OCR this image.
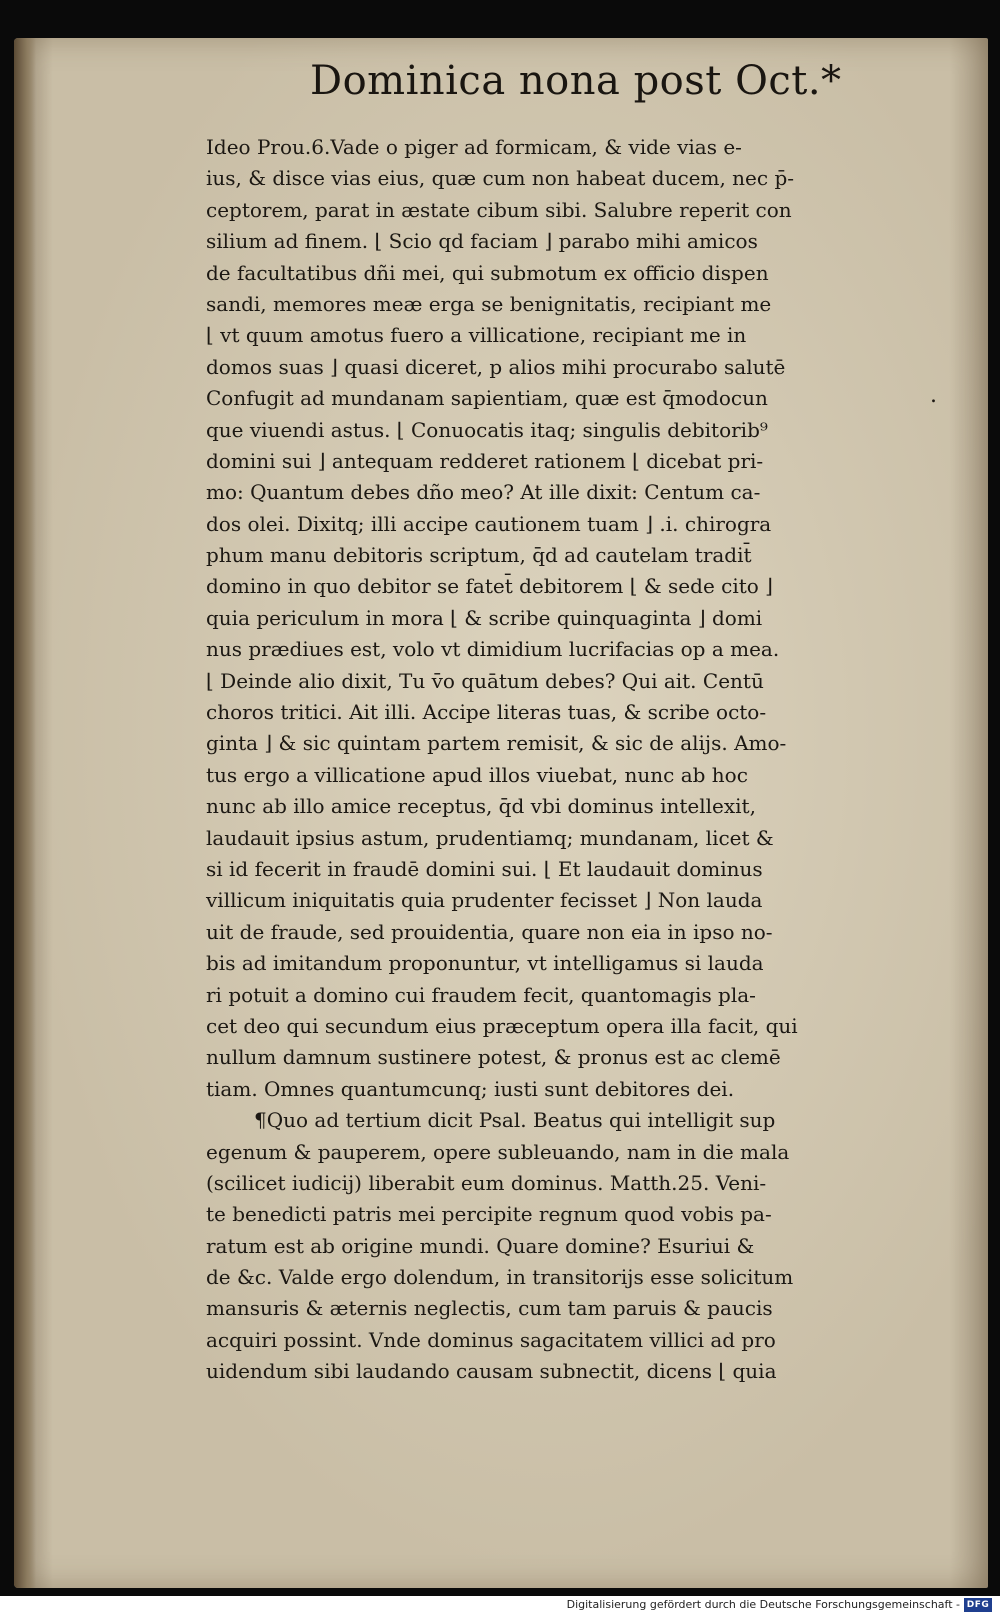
Dominica nona post Oct.*
Ideo Prou.6.Vade o piger ad formicam, & vide vias e-
ius, & disce vias eius, quæ cum non habeat ducem, nec p̄-
ceptorem, parat in æstate cibum sibi. Salubre reperit con
silium ad finem. ⌊ Scio qd faciam ⌋ parabo mihi amicos
de facultatibus dñi mei, qui submotum ex officio dispen
sandi, memores meæ erga se benignitatis, recipiant me
⌊ vt quum amotus fuero a villicatione, recipiant me in
domos suas ⌋ quasi diceret, p alios mihi procurabo salutē
Confugit ad mundanam sapientiam, quæ est q̄modocun
que viuendi astus. ⌊ Conuocatis itaq; singulis debitorib⁹
domini sui ⌋ antequam redderet rationem ⌊ dicebat pri-
mo: Quantum debes dño meo? At ille dixit: Centum ca-
dos olei. Dixitq; illi accipe cautionem tuam ⌋ .i. chirogra
phum manu debitoris scriptum, q̄d ad cautelam tradit̄
domino in quo debitor se fatet̄ debitorem ⌊ & sede cito ⌋
quia periculum in mora ⌊ & scribe quinquaginta ⌋ domi
nus prædiues est, volo vt dimidium lucrifacias op a mea.
⌊ Deinde alio dixit, Tu v̄o quātum debes? Qui ait. Centū
choros tritici. Ait illi. Accipe literas tuas, & scribe octo-
ginta ⌋ & sic quintam partem remisit, & sic de alijs. Amo-
tus ergo a villicatione apud illos viuebat, nunc ab hoc
nunc ab illo amice receptus, q̄d vbi dominus intellexit,
laudauit ipsius astum, prudentiamq; mundanam, licet &
si id fecerit in fraudē domini sui. ⌊ Et laudauit dominus
villicum iniquitatis quia prudenter fecisset ⌋ Non lauda
uit de fraude, sed prouidentia, quare non eia in ipso no-
bis ad imitandum proponuntur, vt intelligamus si lauda
ri potuit a domino cui fraudem fecit, quantomagis pla-
cet deo qui secundum eius præceptum opera illa facit, qui
nullum damnum sustinere potest, & pronus est ac clemē
tiam. Omnes quantumcunq; iusti sunt debitores dei.
¶Quo ad tertium dicit Psal. Beatus qui intelligit sup
egenum & pauperem, opere subleuando, nam in die mala
(scilicet iudicij) liberabit eum dominus. Matth.25. Veni-
te benedicti patris mei percipite regnum quod vobis pa-
ratum est ab origine mundi. Quare domine? Esuriui &
de &c. Valde ergo dolendum, in transitorijs esse solicitum
mansuris & æternis neglectis, cum tam paruis & paucis
acquiri possint. Vnde dominus sagacitatem villici ad pro
uidendum sibi laudando causam subnectit, dicens ⌊ quia
.
Digitalisierung gefördert durch die Deutsche Forschungsgemeinschaft - DFG
